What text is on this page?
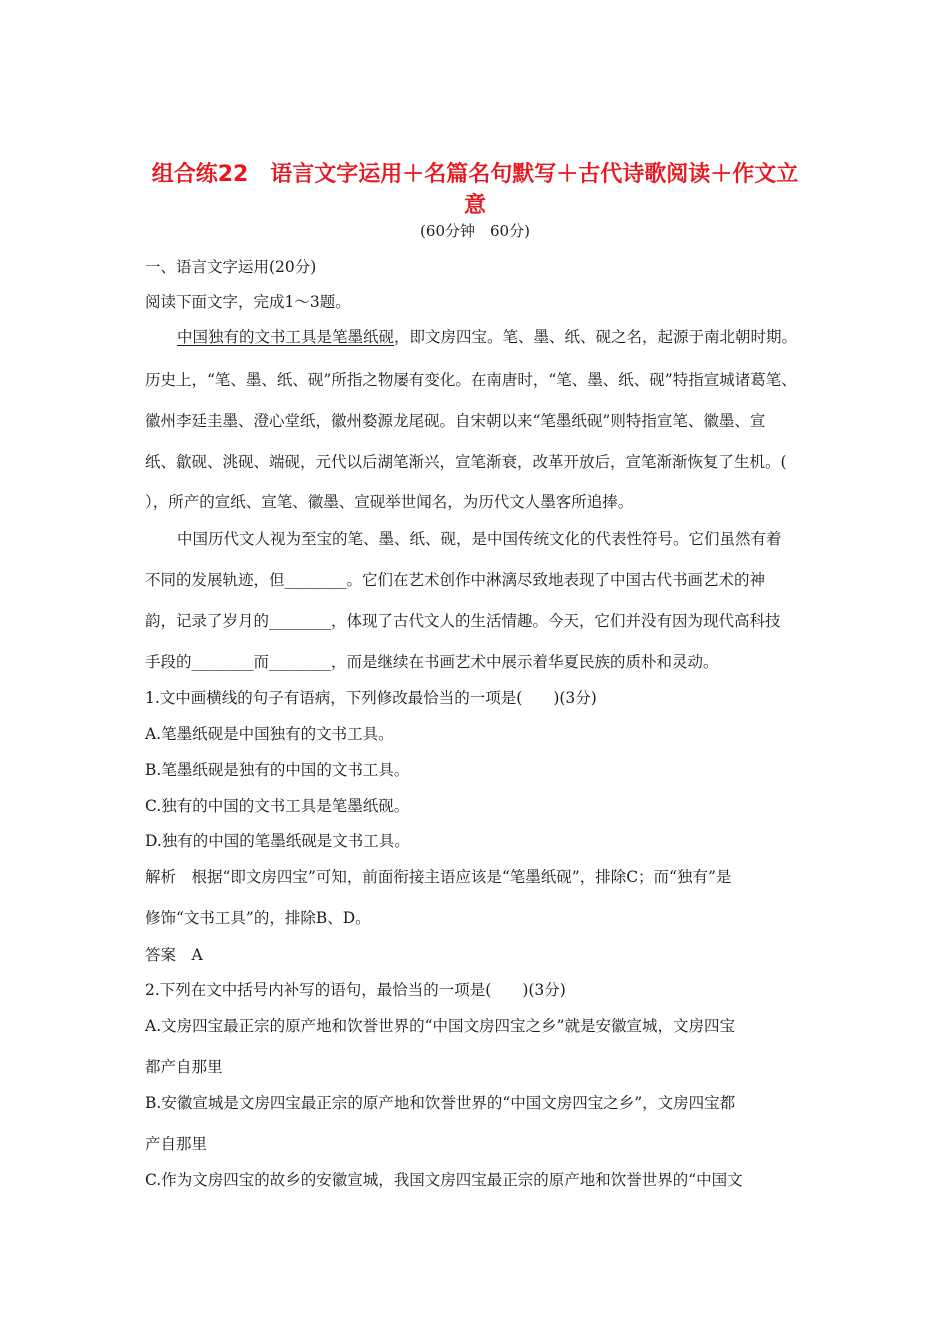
组合练22　语言文字运用＋名篇名句默写＋古代诗歌阅读＋作文立
意
(60分钟　60分)
一、语言文字运用(20分)
阅读下面文字，完成1～3题。
中国独有的文书工具是笔墨纸砚，即文房四宝。笔、墨、纸、砚之名，起源于南北朝时期。
历史上，“笔、墨、纸、砚”所指之物屡有变化。在南唐时，“笔、墨、纸、砚”特指宣城诸葛笔、
徽州李廷圭墨、澄心堂纸，徽州婺源龙尾砚。自宋朝以来“笔墨纸砚”则特指宣笔、徽墨、宣
纸、歙砚、洮砚、端砚，元代以后湖笔渐兴，宣笔渐衰，改革开放后，宣笔渐渐恢复了生机。(
），所产的宣纸、宣笔、徽墨、宣砚举世闻名，为历代文人墨客所追捧。
中国历代文人视为至宝的笔、墨、纸、砚，是中国传统文化的代表性符号。它们虽然有着
不同的发展轨迹，但________。它们在艺术创作中淋漓尽致地表现了中国古代书画艺术的神
韵，记录了岁月的________，体现了古代文人的生活情趣。今天，它们并没有因为现代高科技
手段的________而________，而是继续在书画艺术中展示着华夏民族的质朴和灵动。
1.文中画横线的句子有语病，下列修改最恰当的一项是(　　)(3分)
A.笔墨纸砚是中国独有的文书工具。
B.笔墨纸砚是独有的中国的文书工具。
C.独有的中国的文书工具是笔墨纸砚。
D.独有的中国的笔墨纸砚是文书工具。
解析　根据“即文房四宝”可知，前面衔接主语应该是“笔墨纸砚”，排除C；而“独有”是
修饰“文书工具”的，排除B、D。
答案　A
2.下列在文中括号内补写的语句，最恰当的一项是(　　)(3分)
A.文房四宝最正宗的原产地和饮誉世界的“中国文房四宝之乡”就是安徽宣城，文房四宝
都产自那里
B.安徽宣城是文房四宝最正宗的原产地和饮誉世界的“中国文房四宝之乡”，文房四宝都
产自那里
C.作为文房四宝的故乡的安徽宣城，我国文房四宝最正宗的原产地和饮誉世界的“中国文
